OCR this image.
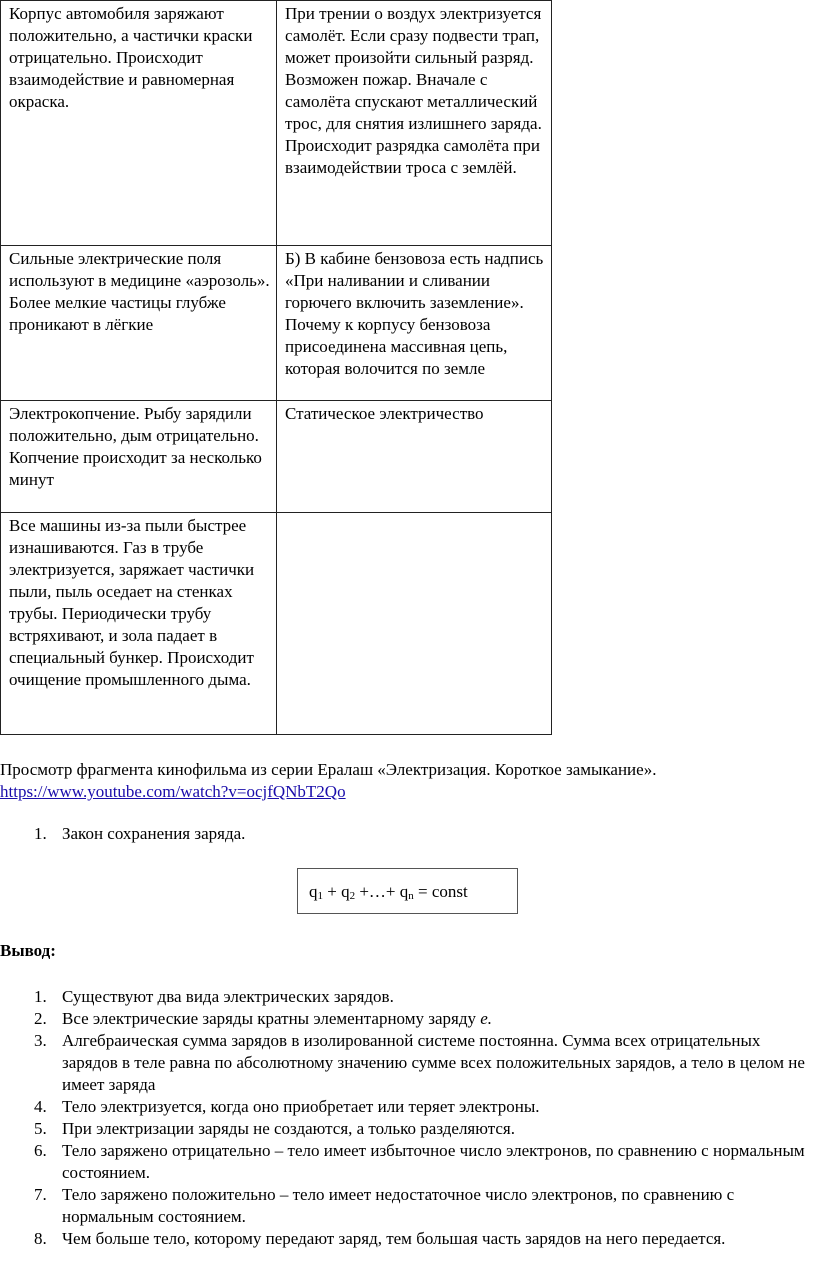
Корпус автомобиля заряжают положительно, а частички краски отрицательно. Происходит взаимодействие и равномерная окраска.	При трении о воздух электризуется самолёт. Если сразу подвести трап, может произойти сильный разряд. Возможен пожар. Вначале с самолёта спускают металлический трос, для снятия излишнего заряда. Происходит разрядка самолёта при взаимодействии троса с землёй.
Сильные электрические поля используют в медицине «аэрозоль». Более мелкие частицы глубже проникают в лёгкие	Б) В кабине бензовоза есть надпись «При наливании и сливании горючего включить заземление». Почему к корпусу бензовоза присоединена массивная цепь, которая волочится по земле
Электрокопчение. Рыбу зарядили положительно, дым отрицательно. Копчение происходит за несколько минут	Статическое электричество
Все машины из-за пыли быстрее изнашиваются. Газ в трубе электризуется, заряжает частички пыли, пыль оседает на стенках трубы. Периодически трубу встряхивают, и зола падает в специальный бункер. Происходит очищение промышленного дыма.	
Просмотр фрагмента кинофильма из серии Ералаш «Электризация. Короткое замыкание».
https://www.youtube.com/watch?v=ocjfQNbT2Qo
1. Закон сохранения заряда.
$q_1 + q_2$ +…+ $q_n$ = const
Вывод:
1. Существуют два вида электрических зарядов.
2. Все электрические заряды кратны элементарному заряду е.
3. Алгебраическая сумма зарядов в изолированной системе постоянна. Сумма всех отрицательных зарядов в теле равна по абсолютному значению сумме всех положительных зарядов, а тело в целом не имеет заряда
4. Тело электризуется, когда оно приобретает или теряет электроны.
5. При электризации заряды не создаются, а только разделяются.
6. Тело заряжено отрицательно – тело имеет избыточное число электронов, по сравнению с нормальным состоянием.
7. Тело заряжено положительно – тело имеет недостаточное число электронов, по сравнению с нормальным состоянием.
8. Чем больше тело, которому передают заряд, тем большая часть зарядов на него передается.
